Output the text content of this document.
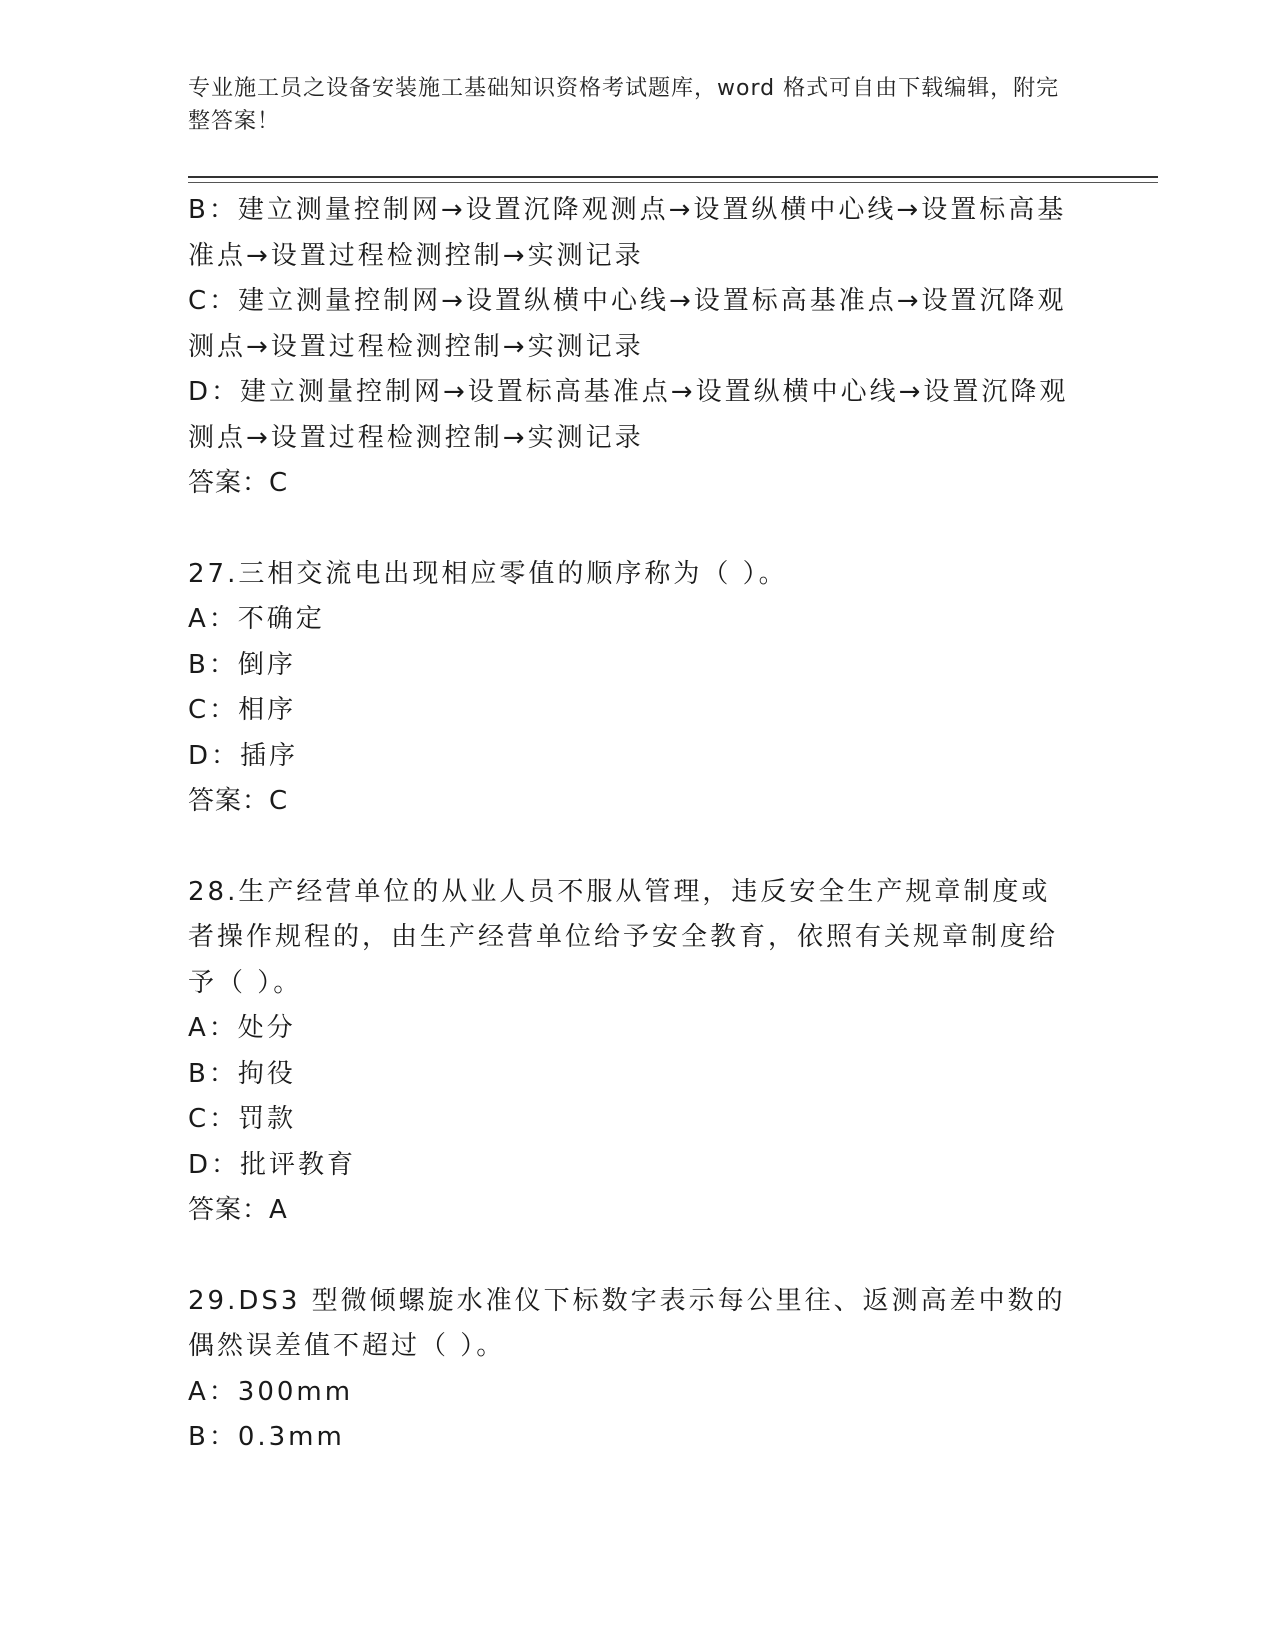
专业施工员之设备安装施工基础知识资格考试题库，word 格式可自由下载编辑，附完整答案！

B：建立测量控制网→设置沉降观测点→设置纵横中心线→设置标高基准点→设置过程检测控制→实测记录

C：建立测量控制网→设置纵横中心线→设置标高基准点→设置沉降观测点→设置过程检测控制→实测记录

D：建立测量控制网→设置标高基准点→设置纵横中心线→设置沉降观测点→设置过程检测控制→实测记录

答案：C

27.三相交流电出现相应零值的顺序称为（ ）。

A：不确定

B：倒序

C：相序

D：插序

答案：C

28.生产经营单位的从业人员不服从管理，违反安全生产规章制度或者操作规程的，由生产经营单位给予安全教育，依照有关规章制度给予（ ）。

A：处分

B：拘役

C：罚款

D：批评教育

答案：A

29.DS3 型微倾螺旋水准仪下标数字表示每公里往、返测高差中数的偶然误差值不超过（ ）。

A：300mm

B：0.3mm
